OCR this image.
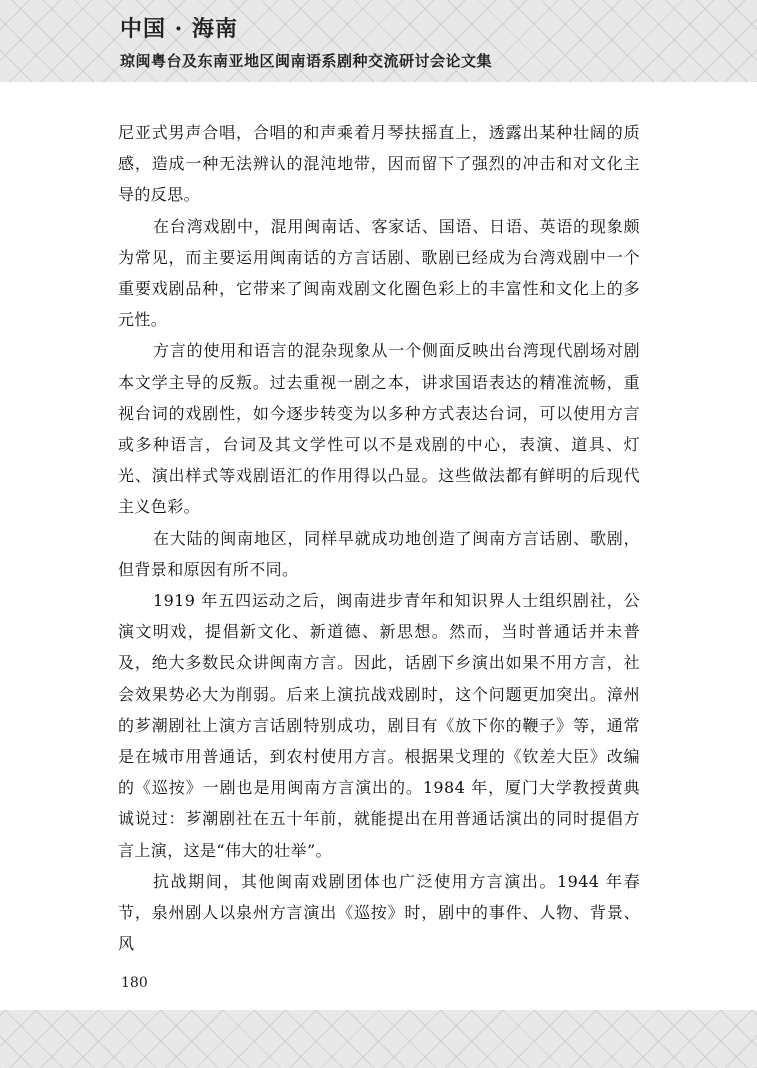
中国 · 海南
琼闽粤台及东南亚地区闽南语系剧种交流研讨会论文集

尼亚式男声合唱，合唱的和声乘着月琴扶摇直上，透露出某种壮阔的质感，造成一种无法辨认的混沌地带，因而留下了强烈的冲击和对文化主导的反思。

在台湾戏剧中，混用闽南话、客家话、国语、日语、英语的现象颇为常见，而主要运用闽南话的方言话剧、歌剧已经成为台湾戏剧中一个重要戏剧品种，它带来了闽南戏剧文化圈色彩上的丰富性和文化上的多元性。

方言的使用和语言的混杂现象从一个侧面反映出台湾现代剧场对剧本文学主导的反叛。过去重视一剧之本，讲求国语表达的精准流畅，重视台词的戏剧性，如今逐步转变为以多种方式表达台词，可以使用方言或多种语言，台词及其文学性可以不是戏剧的中心，表演、道具、灯光、演出样式等戏剧语汇的作用得以凸显。这些做法都有鲜明的后现代主义色彩。

在大陆的闽南地区，同样早就成功地创造了闽南方言话剧、歌剧，但背景和原因有所不同。

1919 年五四运动之后，闽南进步青年和知识界人士组织剧社，公演文明戏，提倡新文化、新道德、新思想。然而，当时普通话并未普及，绝大多数民众讲闽南方言。因此，话剧下乡演出如果不用方言，社会效果势必大为削弱。后来上演抗战戏剧时，这个问题更加突出。漳州的芗潮剧社上演方言话剧特别成功，剧目有《放下你的鞭子》等，通常是在城市用普通话，到农村使用方言。根据果戈理的《钦差大臣》改编的《巡按》一剧也是用闽南方言演出的。1984 年，厦门大学教授黄典诚说过：芗潮剧社在五十年前，就能提出在用普通话演出的同时提倡方言上演，这是“伟大的壮举”。

抗战期间，其他闽南戏剧团体也广泛使用方言演出。1944 年春节，泉州剧人以泉州方言演出《巡按》时，剧中的事件、人物、背景、风

180
